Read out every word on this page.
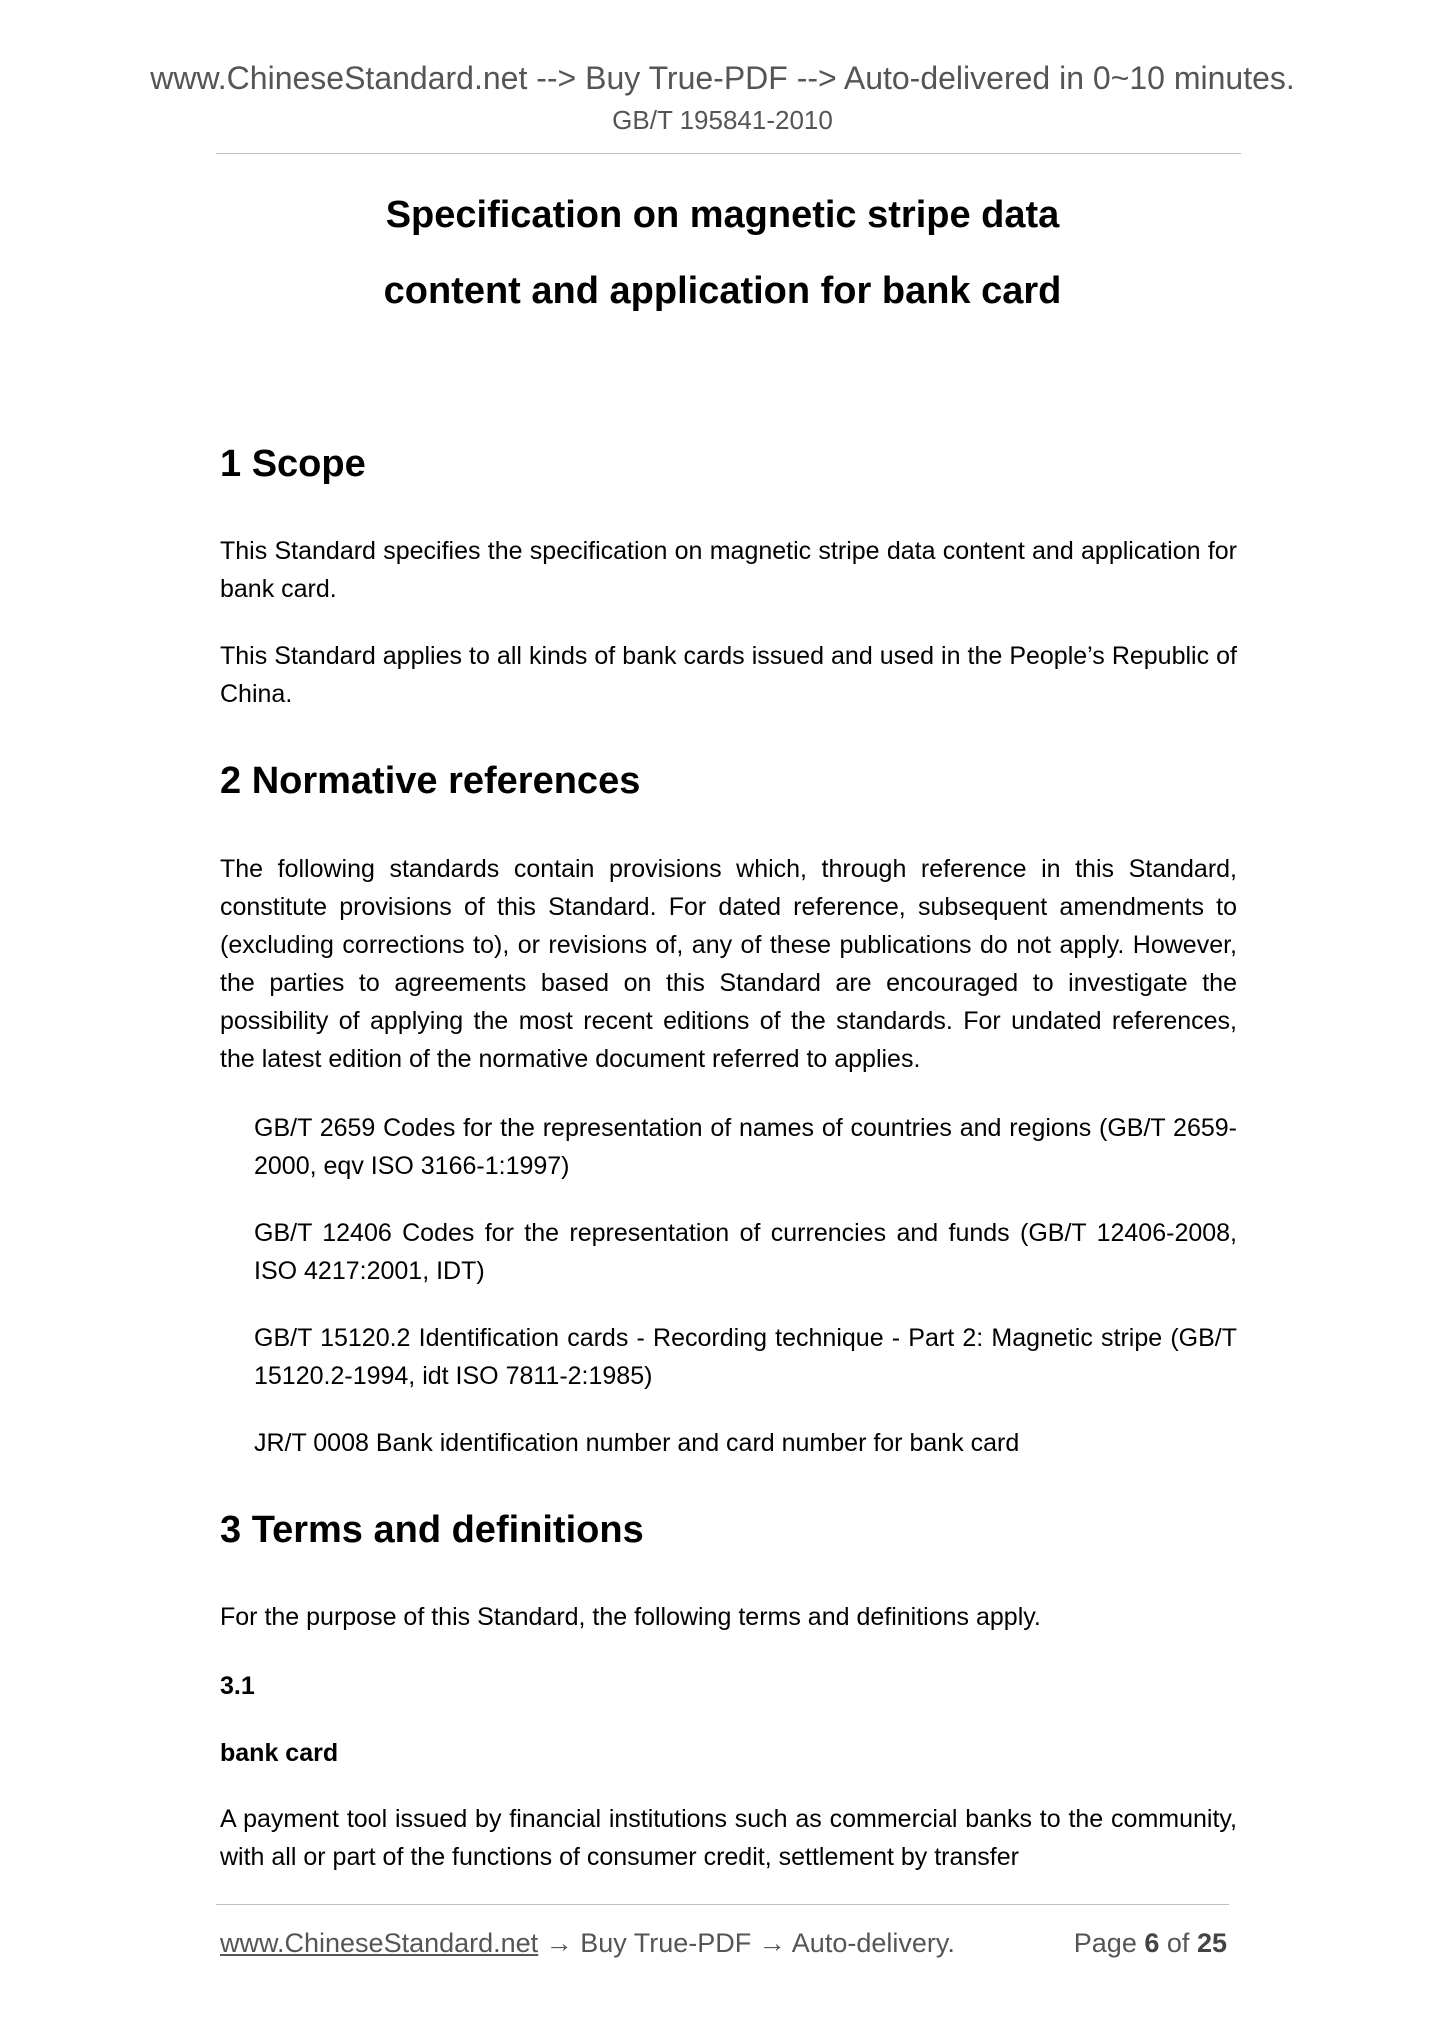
www.ChineseStandard.net --> Buy True-PDF --> Auto-delivered in 0~10 minutes.
GB/T 195841-2010
Specification on magnetic stripe data
content and application for bank card
1 Scope

This Standard specifies the specification on magnetic stripe data content and application for bank card.

This Standard applies to all kinds of bank cards issued and used in the People’s Republic of China.

2 Normative references

The following standards contain provisions which, through reference in this Standard, constitute provisions of this Standard. For dated reference, subsequent amendments to (excluding corrections to), or revisions of, any of these publications do not apply. However, the parties to agreements based on this Standard are encouraged to investigate the possibility of applying the most recent editions of the standards. For undated references, the latest edition of the normative document referred to applies.

GB/T 2659 Codes for the representation of names of countries and regions (GB/T 2659-2000, eqv ISO 3166-1:1997)

GB/T 12406 Codes for the representation of currencies and funds (GB/T 12406-2008, ISO 4217:2001, IDT)

GB/T 15120.2 Identification cards - Recording technique - Part 2: Magnetic stripe (GB/T 15120.2-1994, idt ISO 7811-2:1985)

JR/T 0008 Bank identification number and card number for bank card

3 Terms and definitions

For the purpose of this Standard, the following terms and definitions apply.

3.1

bank card

A payment tool issued by financial institutions such as commercial banks to the community, with all or part of the functions of consumer credit, settlement by transfer

www.ChineseStandard.net → Buy True-PDF → Auto-delivery.	Page 6 of 25
